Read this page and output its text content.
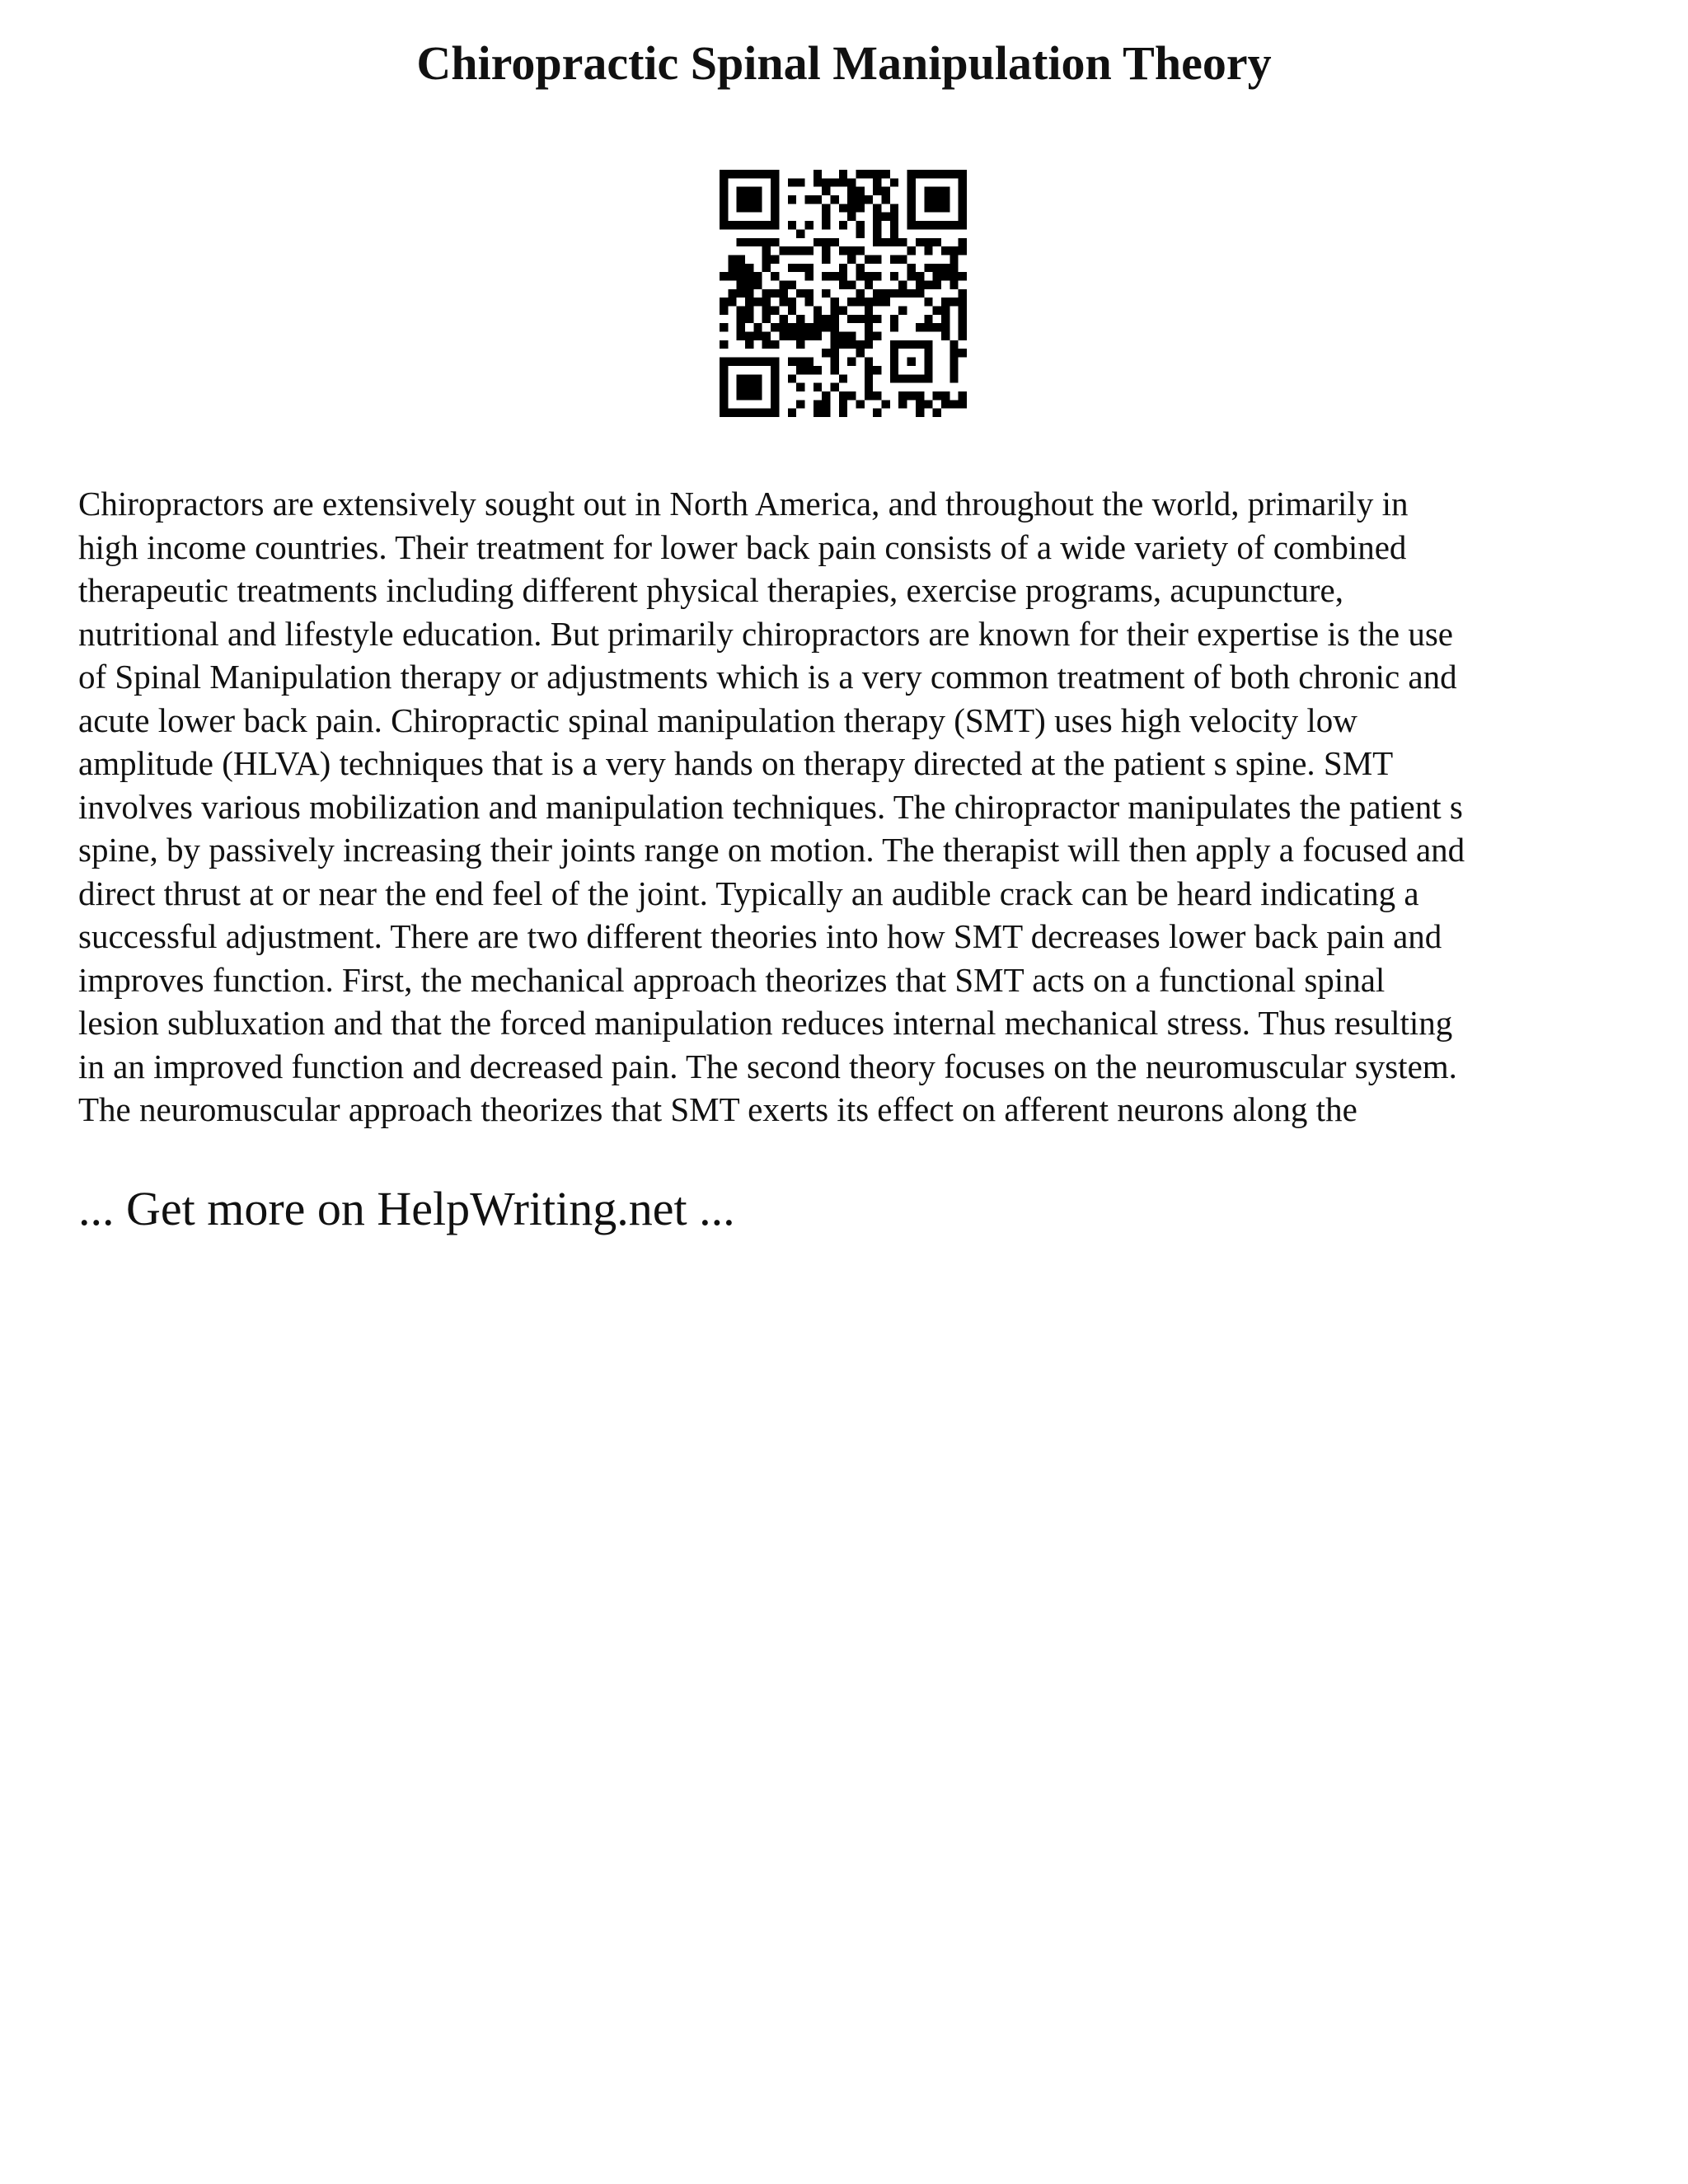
Chiropractic Spinal Manipulation Theory

Chiropractors are extensively sought out in North America, and throughout the world, primarily in
high income countries. Their treatment for lower back pain consists of a wide variety of combined
therapeutic treatments including different physical therapies, exercise programs, acupuncture,
nutritional and lifestyle education. But primarily chiropractors are known for their expertise is the use
of Spinal Manipulation therapy or adjustments which is a very common treatment of both chronic and
acute lower back pain. Chiropractic spinal manipulation therapy (SMT) uses high velocity low
amplitude (HLVA) techniques that is a very hands on therapy directed at the patient s spine. SMT
involves various mobilization and manipulation techniques. The chiropractor manipulates the patient s
spine, by passively increasing their joints range on motion. The therapist will then apply a focused and
direct thrust at or near the end feel of the joint. Typically an audible crack can be heard indicating a
successful adjustment. There are two different theories into how SMT decreases lower back pain and
improves function. First, the mechanical approach theorizes that SMT acts on a functional spinal
lesion subluxation and that the forced manipulation reduces internal mechanical stress. Thus resulting
in an improved function and decreased pain. The second theory focuses on the neuromuscular system.
The neuromuscular approach theorizes that SMT exerts its effect on afferent neurons along the

... Get more on HelpWriting.net ...
